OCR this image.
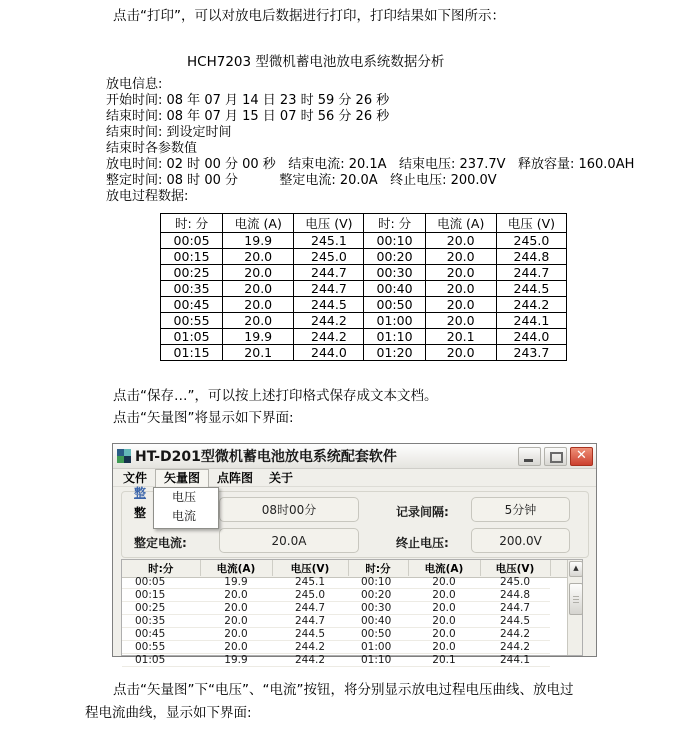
点击“打印”，可以对放电后数据进行打印，打印结果如下图所示：
HCH7203 型微机蓄电池放电系统数据分析
放电信息:
开始时间: 08 年 07 月 14 日 23 时 59 分 26 秒
结束时间: 08 年 07 月 15 日 07 时 56 分 26 秒
结束时间: 到设定时间
结束时各参数值
放电时间: 02 时 00 分 00 秒   结束电流: 20.1A   结束电压: 237.7V   释放容量: 160.0AH
整定时间: 08 时 00 分          整定电流: 20.0A   终止电压: 200.0V
放电过程数据:
时: 分	电流 (A)	电压 (V)	时: 分	电流 (A)	电压 (V)
00:05	19.9	245.1	00:10	20.0	245.0
00:15	20.0	245.0	00:20	20.0	244.8
00:25	20.0	244.7	00:30	20.0	244.7
00:35	20.0	244.7	00:40	20.0	244.5
00:45	20.0	244.5	00:50	20.0	244.2
00:55	20.0	244.2	01:00	20.0	244.1
01:05	19.9	244.2	01:10	20.1	244.0
01:15	20.1	244.0	01:20	20.0	243.7
点击“保存…”，可以按上述打印格式保存成文本文档。
点击“矢量图”将显示如下界面:
HT-D201型微机蓄电池放电系统配套软件	✕
文件	矢量图	点阵图	关于
整
整	08时00分	记录间隔:	5分钟
整定电流:	20.0A	终止电压:	200.0V
时:分	电流(A)	电压(V)	时:分	电流(A)	电压(V)
00:05	19.9	245.1	00:10	20.0	245.0
00:15	20.0	245.0	00:20	20.0	244.8
00:25	20.0	244.7	00:30	20.0	244.7
00:35	20.0	244.7	00:40	20.0	244.5
00:45	20.0	244.5	00:50	20.0	244.2
00:55	20.0	244.2	01:00	20.0	244.2
01:05	19.9	244.2	01:10	20.1	244.1
▲
电压
电流
点击“矢量图”下“电压”、“电流”按钮，将分别显示放电过程电压曲线、放电过
程电流曲线，显示如下界面:
